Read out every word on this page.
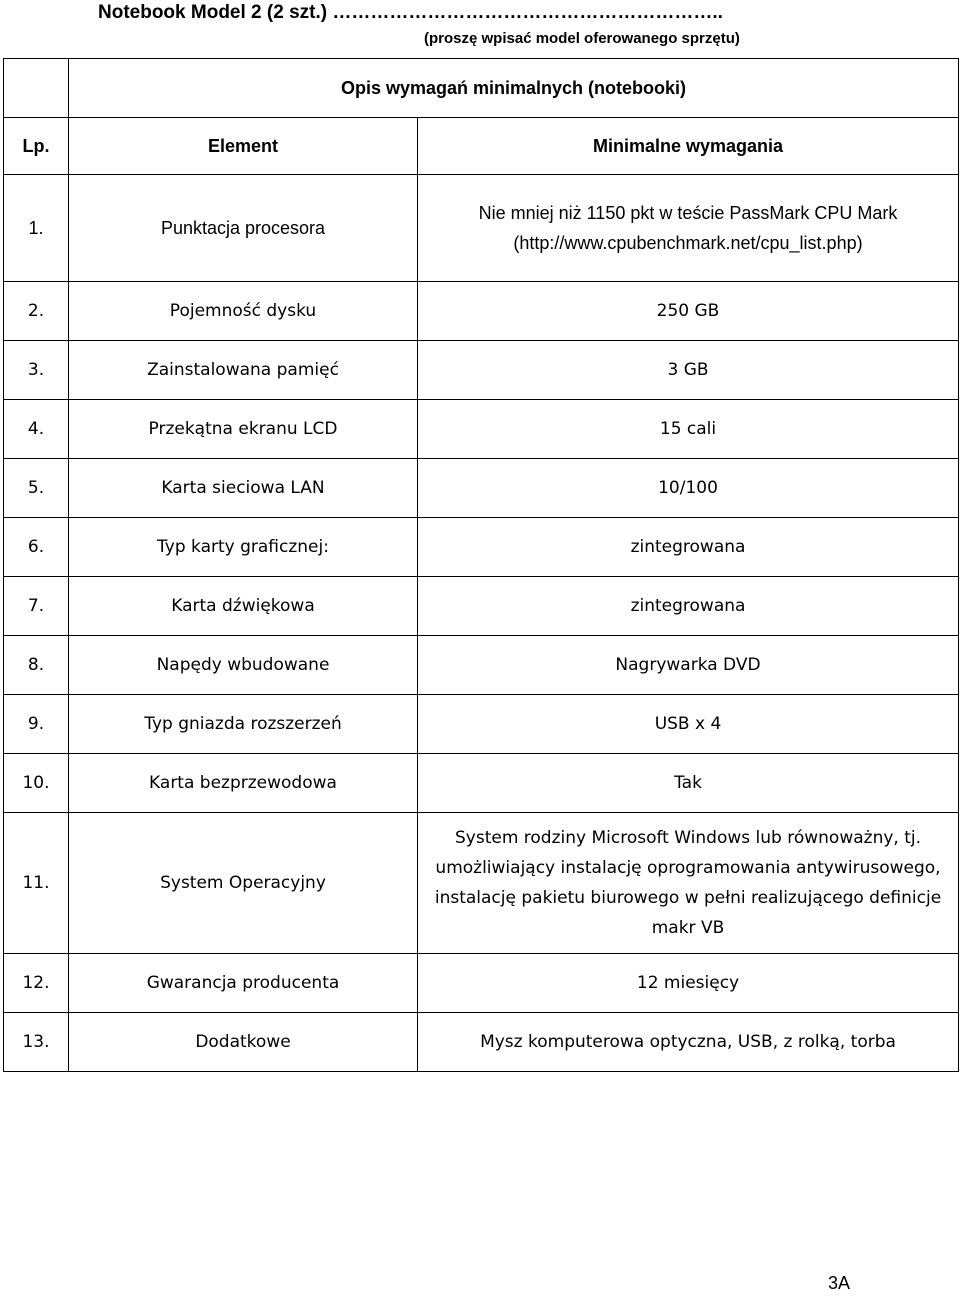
Notebook Model 2 (2 szt.) ……………………………………………………..
(proszę wpisać model oferowanego sprzętu)
	Opis wymagań minimalnych (notebooki)	
Lp.	Element	Minimalne wymagania
1.	Punktacja procesora	Nie mniej niż 1150 pkt w teście PassMark CPU Mark (http://www.cpubenchmark.net/cpu_list.php)
2.	Pojemność dysku	250 GB
3.	Zainstalowana pamięć	3 GB
4.	Przekątna ekranu LCD	15 cali
5.	Karta sieciowa LAN	10/100
6.	Typ karty graficznej:	zintegrowana
7.	Karta dźwiękowa	zintegrowana
8.	Napędy wbudowane	Nagrywarka DVD
9.	Typ gniazda rozszerzeń	USB x 4
10.	Karta bezprzewodowa	Tak
11.	System Operacyjny	System rodziny Microsoft Windows lub równoważny, tj. umożliwiający instalację oprogramowania antywirusowego, instalację pakietu biurowego w pełni realizującego definicje makr VB
12.	Gwarancja producenta	12 miesięcy
13.	Dodatkowe	Mysz komputerowa optyczna, USB, z rolką, torba
3A
